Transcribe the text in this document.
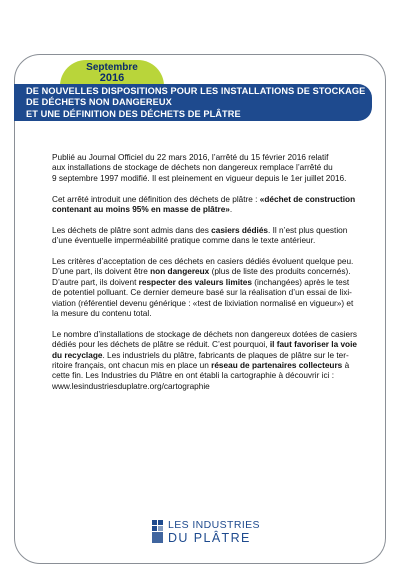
Septembre
2016
DE NOUVELLES DISPOSITIONS POUR LES INSTALLATIONS DE STOCKAGE
DE DÉCHETS NON DANGEREUX
ET UNE DÉFINITION DES DÉCHETS DE PLÂTRE

Publié au Journal Officiel du 22 mars 2016, l’arrêté du 15 février 2016 relatif
aux installations de stockage de déchets non dangereux remplace l’arrêté du
9 septembre 1997 modifié. Il est pleinement en vigueur depuis le 1er juillet 2016.

Cet arrêté introduit une définition des déchets de plâtre : «déchet de construction
contenant au moins 95% en masse de plâtre».

Les déchets de plâtre sont admis dans des casiers dédiés. Il n’est plus question
d’une éventuelle imperméabilité pratique comme dans le texte antérieur.

Les critères d’acceptation de ces déchets en casiers dédiés évoluent quelque peu.
D’une part, ils doivent être non dangereux (plus de liste des produits concernés).
D’autre part, ils doivent respecter des valeurs limites (inchangées) après le test
de potentiel polluant. Ce dernier demeure basé sur la réalisation d’un essai de lixi-
viation (référentiel devenu générique : «test de lixiviation normalisé en vigueur») et
la mesure du contenu total.

Le nombre d’installations de stockage de déchets non dangereux dotées de casiers
dédiés pour les déchets de plâtre se réduit. C’est pourquoi, il faut favoriser la voie
du recyclage. Les industriels du plâtre, fabricants de plaques de plâtre sur le ter-
ritoire français, ont chacun mis en place un réseau de partenaires collecteurs à
cette fin. Les Industries du Plâtre en ont établi la cartographie à découvrir ici :
www.lesindustriesduplatre.org/cartographie

LES INDUSTRIES
DU PLÂTRE
